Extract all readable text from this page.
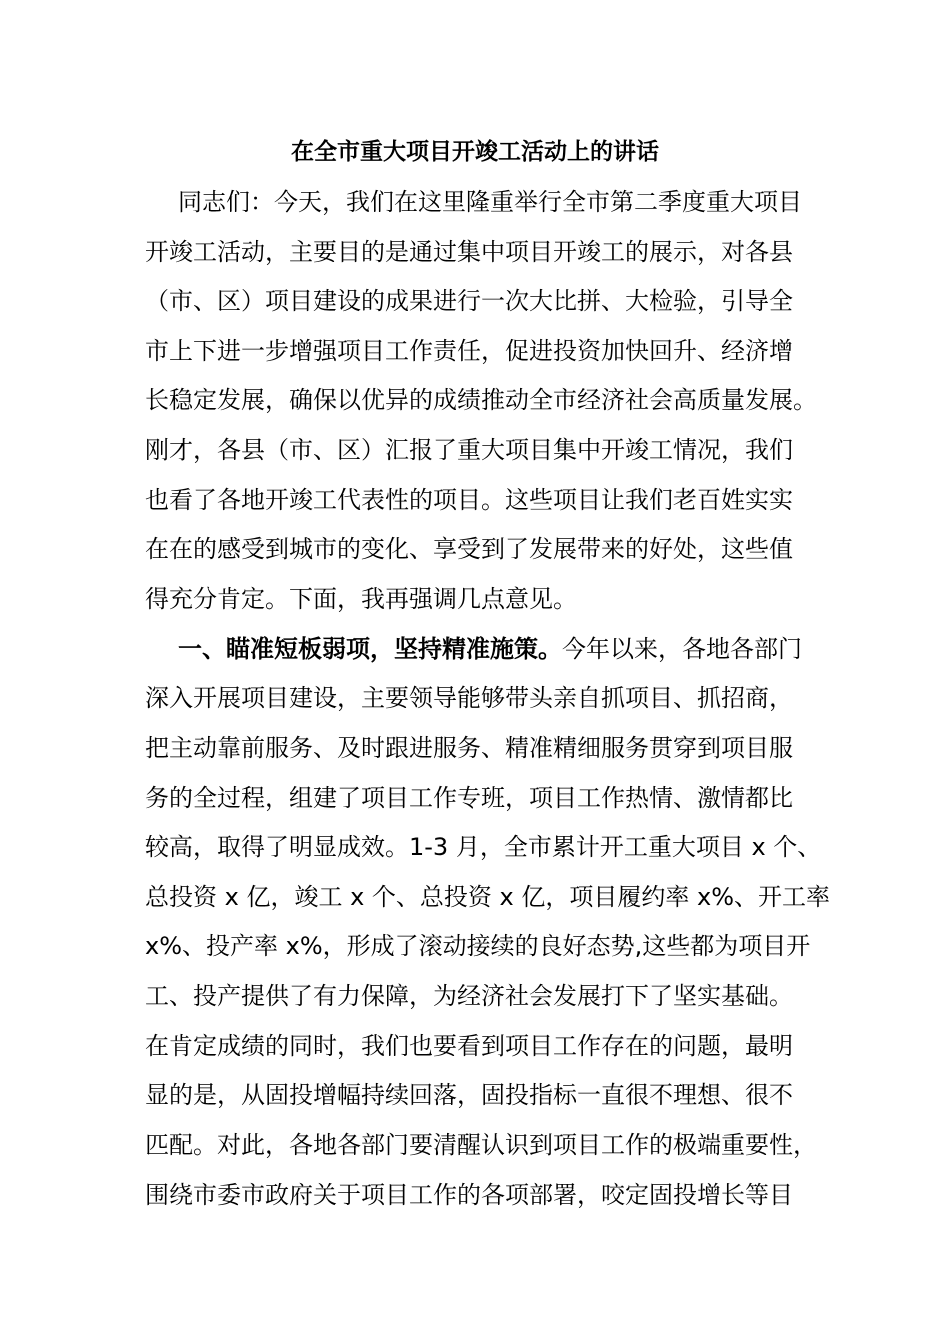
在全市重大项目开竣工活动上的讲话
同志们：今天，我们在这里隆重举行全市第二季度重大项目
开竣工活动，主要目的是通过集中项目开竣工的展示，对各县
（市、区）项目建设的成果进行一次大比拼、大检验，引导全
市上下进一步增强项目工作责任，促进投资加快回升、经济增
长稳定发展，确保以优异的成绩推动全市经济社会高质量发展。
刚才，各县（市、区）汇报了重大项目集中开竣工情况，我们
也看了各地开竣工代表性的项目。这些项目让我们老百姓实实
在在的感受到城市的变化、享受到了发展带来的好处，这些值
得充分肯定。下面，我再强调几点意见。
一、瞄准短板弱项，坚持精准施策。今年以来，各地各部门
深入开展项目建设，主要领导能够带头亲自抓项目、抓招商，
把主动靠前服务、及时跟进服务、精准精细服务贯穿到项目服
务的全过程，组建了项目工作专班，项目工作热情、激情都比
较高，取得了明显成效。1-3 月，全市累计开工重大项目 x 个、
总投资 x 亿，竣工 x 个、总投资 x 亿，项目履约率 x%、开工率
x%、投产率 x%，形成了滚动接续的良好态势,这些都为项目开
工、投产提供了有力保障，为经济社会发展打下了坚实基础。
在肯定成绩的同时，我们也要看到项目工作存在的问题，最明
显的是，从固投增幅持续回落，固投指标一直很不理想、很不
匹配。对此，各地各部门要清醒认识到项目工作的极端重要性，
围绕市委市政府关于项目工作的各项部署，咬定固投增长等目
